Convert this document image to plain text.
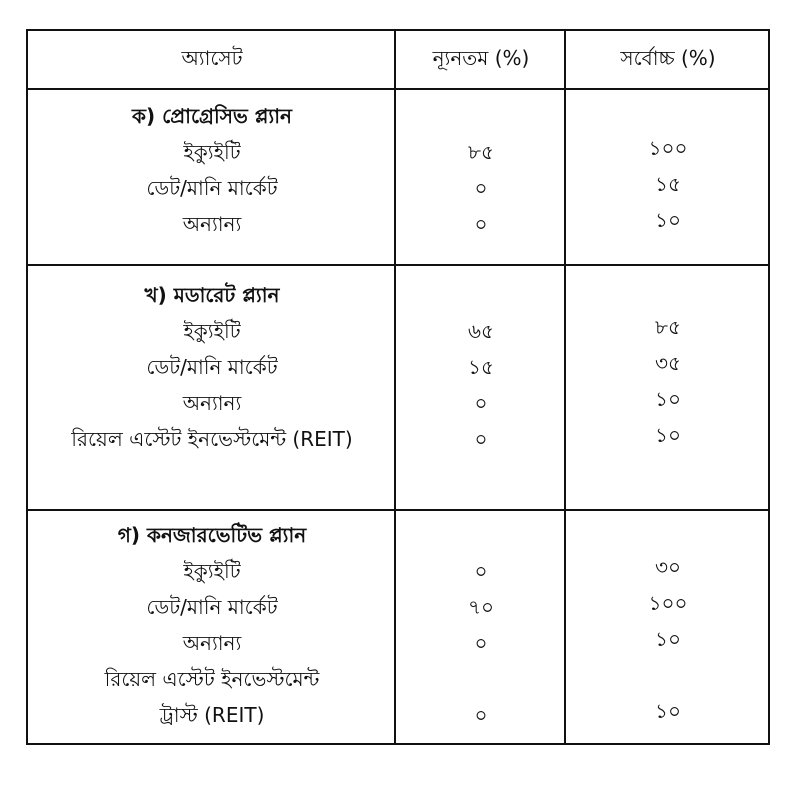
অ্যাসেট	ন্যূনতম (%)	সর্বোচ্চ (%)
ক) প্রোগ্রেসিভ প্ল্যান
ইক্যুইটি	৮৫	১০০
ডেট/মানি মার্কেট	০	১৫
অন্যান্য	০	১০
খ) মডারেট প্ল্যান
ইক্যুইটি	৬৫	৮৫
ডেট/মানি মার্কেট	১৫	৩৫
অন্যান্য	০	১০
রিয়েল এস্টেট ইনভেস্টমেন্ট (REIT)	০	১০
গ) কনজারভেটিভ প্ল্যান
ইক্যুইটি	০	৩০
ডেট/মানি মার্কেট	৭০	১০০
অন্যান্য	০	১০
রিয়েল এস্টেট ইনভেস্টমেন্ট
ট্রাস্ট (REIT)	০	১০
